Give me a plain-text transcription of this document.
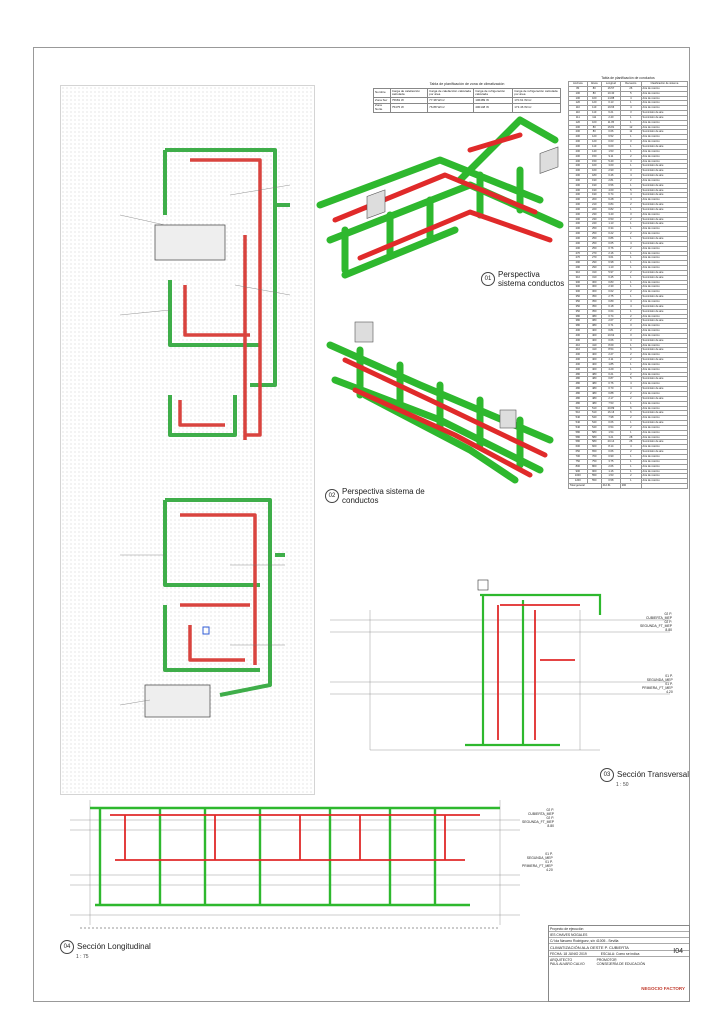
Tabla de planificación de zona de climatización
Nombre	Carga de calefacción calculada	Carga de calefacción calculada por área	Carga de refrigeración calculada	Carga de refrigeración calculada por área
Zona Sur	75681 W	77.38 W/m²	106489 W	170.61 W/m²
Zona Norte	75475 W	76.88 W/m²	400148 W	173.46 W/m²
Tabla de planificación de conductos
Anchura	Altura	Longitud	Recuento	Clasificación de sistema
80	80	16.57	26	Aire de retorno
100	80	10.40	5	Aire de retorno
100	100	14.88	4	Aire de retorno
120	120	0.13	1	Aire de retorno
110	110	19.66	4	Aire de retorno
110	110	6.21	3	Suministro de aire
111	111	2.40	1	Suministro de aire
120	100	11.05	1	Aire de retorno
200	80	16.81	12	Aire de retorno
200	80	0.66	11	Suministro de aire
200	120	6.52	1	Aire de retorno
200	120	0.63	3	Aire de retorno
200	110	6.00	1	Suministro de aire
200	140	1.53	1	Aire de retorno
200	150	9.11	2	Aire de retorno
200	150	5.40	4	Aire de retorno
200	160	3.60	1	Suministro de aire
200	160	2.90	3	Suministro de aire
200	180	0.46	4	Suministro de aire
200	190	2.81	2	Aire de retorno
200	190	0.56	1	Suministro de aire
200	190	4.60	5	Suministro de aire
200	190	6.74	4	Suministro de aire
200	200	6.28	4	Aire de retorno
200	210	0.84	2	Suministro de aire
200	220	0.82	1	Suministro de aire
200	230	3.40	3	Aire de retorno
200	230	0.53	2	Suministro de aire
200	240	1.13	1	Suministro de aire
200	250	0.34	1	Aire de retorno
200	250	0.22	2	Aire de retorno
200	250	0.86	1	Suministro de aire
200	250	0.65	4	Suministro de aire
200	250	0.76	2	Aire de retorno
270	270	2.16	1	Aire de retorno
270	270	3.61	1	Aire de retorno
290	290	6.98	1	Aire de retorno
290	290	1.10	1	Aire de retorno
310	310	5.97	2	Suministro de aire
310	310	6.45	1	Suministro de aire
300	300	0.83	1	Aire de retorno
300	300	2.30	1	Aire de retorno
300	300	0.62	2	Aire de retorno
350	350	2.75	1	Suministro de aire
350	350	0.89	4	Aire de retorno
350	350	0.18	4	Suministro de aire
350	350	0.64	1	Suministro de aire
380	380	0.74	2	Aire de retorno
380	380	2.67	2	Suministro de aire
380	380	0.71	3	Aire de retorno
400	400	0.81	2	Aire de retorno
400	400	10.62	3	Aire de retorno
400	400	0.66	4	Suministro de aire
410	410	8.69	1	Aire de retorno
410	410	8.54	6	Suministro de aire
400	400	2.27	2	Aire de retorno
400	400	2.11	2	Suministro de aire
400	400	1.85	1	Aire de retorno
400	400	4.29	1	Aire de retorno
480	480	0.21	2	Aire de retorno
480	480	0.87	5	Suministro de aire
480	480	0.76	4	Aire de retorno
480	480	0.70	4	Suministro de aire
480	480	0.88	2	Aire de retorno
480	480	2.17	2	Suministro de aire
480	480	7.53	1	Aire de retorno
510	510	20.89	6	Aire de retorno
510	510	16.16	6	Suministro de aire
540	540	7.98	2	Aire de retorno
540	540	0.66	1	Suministro de aire
540	540	0.54	2	Aire de retorno
580	580	1.54	1	Aire de retorno
580	580	3.21	28	Aire de retorno
580	580	20.14	26	Suministro de aire
600	600	8.14	4	Aire de retorno
650	650	0.66	2	Suministro de aire
700	700	0.90	1	Aire de retorno
750	750	3.75	1	Aire de retorno
800	800	2.66	1	Aire de retorno
900	900	1.16	1	Aire de retorno
1000	550	1.53	2	Aire de retorno
1200	550	0.58	1	Aire de retorno
Total general		412.61	290	
01 Perspectiva sistema conductos
02 Perspectiva sistema de conductos
03 Sección Transversal
1 : 50
04 Sección Longitudinal
1 : 75
02 P.
CUBIERTA_MEP
02 P.
SEGUNDA_FT_MEP
8.80
01 P.
SEGUNDA_MEP
01 P.
PRIMERA_FT_MEP
4.20
02 P.
CUBIERTA_MEP
02 P.
SEGUNDA_FT_MEP
8.80
01 P.
SEGUNDA_MEP
01 P.
PRIMERA_FT_MEP
4.20
Proyecto de ejecución
IES CHAVES NOGALES
C/ Ida Navarro Rodríguez, s/n 41005 - Sevilla
CLIMATIZACIÓN ALA OESTE P. CUBIERTA
I04
FECHA: 18 JUNIO 2019	ESCALA: Como se indica
ARQUITECTO
PAUL ALVARO CALVO
PROMOTOR
CONSEJERÍA DE EDUCACIÓN
NEGOCIO FACTORY
